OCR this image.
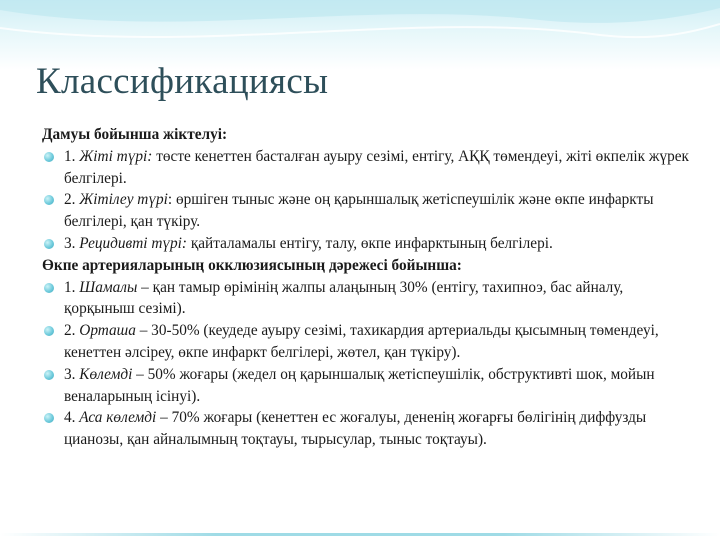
Классификациясы

Дамуы бойынша жіктелуі:

1. Жіті түрі: төсте кенеттен басталған ауыру сезімі, ентігу, АҚҚ төмендеуі, жіті өкпелік жүрек белгілері.
2. Жітілеу түрі: өршіген тыныс және оң қарыншалық жетіспеушілік және өкпе инфаркты белгілері, қан түкіру.
3. Рецидивті түрі: қайталамалы ентігу, талу, өкпе инфарктының белгілері.

Өкпе артерияларының окклюзиясының дәрежесі бойынша:

1. Шамалы – қан тамыр өрімінің жалпы алаңының 30% (ентігу, тахипноэ, бас айналу, қорқыныш сезімі).
2. Орташа – 30-50% (кеудеде ауыру сезімі, тахикардия артериальды қысымның төмендеуі, кенеттен әлсіреу, өкпе инфаркт белгілері, жөтел, қан түкіру).
3. Көлемді – 50% жоғары (жедел оң қарыншалық жетіспеушілік, обструктивті шок, мойын веналарының ісінуі).
4. Аса көлемді – 70% жоғары (кенеттен ес жоғалуы, дененің жоғарғы бөлігінің диффузды цианозы, қан айналымның тоқтауы, тырысулар, тыныс тоқтауы).
